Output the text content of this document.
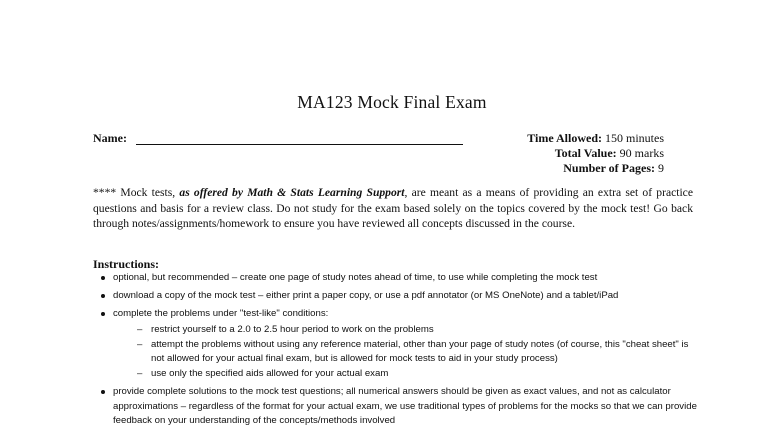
MA123 Mock Final Exam
Name:	Time Allowed: 150 minutes
Total Value: 90 marks
Number of Pages: 9
**** Mock tests, as offered by Math & Stats Learning Support, are meant as a means of providing an extra set of practice questions and basis for a review class. Do not study for the exam based solely on the topics covered by the mock test! Go back through notes/assignments/homework to ensure you have reviewed all concepts discussed in the course.
Instructions:
optional, but recommended – create one page of study notes ahead of time, to use while completing the mock test
download a copy of the mock test – either print a paper copy, or use a pdf annotator (or MS OneNote) and a tablet/iPad
complete the problems under "test-like" conditions:
– restrict yourself to a 2.0 to 2.5 hour period to work on the problems
– attempt the problems without using any reference material, other than your page of study notes (of course, this "cheat sheet" is not allowed for your actual final exam, but is allowed for mock tests to aid in your study process)
– use only the specified aids allowed for your actual exam
provide complete solutions to the mock test questions; all numerical answers should be given as exact values, and not as calculator approximations – regardless of the format for your actual exam, we use traditional types of problems for the mocks so that we can provide feedback on your understanding of the concepts/methods involved
